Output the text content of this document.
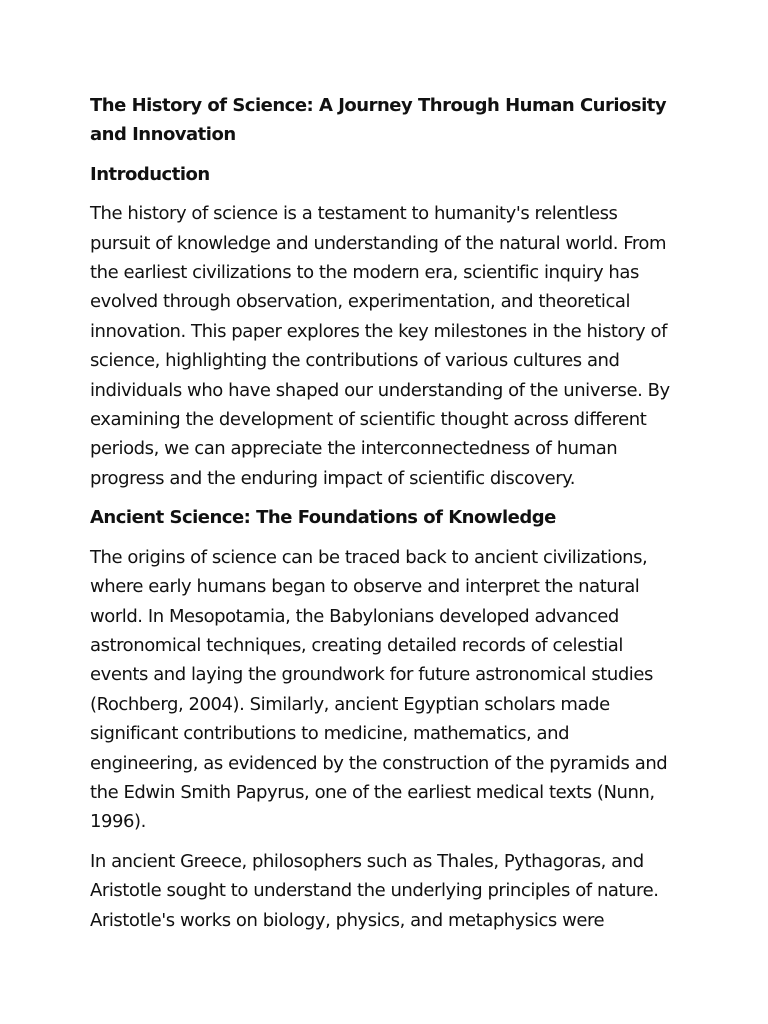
The History of Science: A Journey Through Human Curiosity and Innovation
Introduction
The history of science is a testament to humanity's relentless pursuit of knowledge and understanding of the natural world. From the earliest civilizations to the modern era, scientific inquiry has evolved through observation, experimentation, and theoretical innovation. This paper explores the key milestones in the history of science, highlighting the contributions of various cultures and individuals who have shaped our understanding of the universe. By examining the development of scientific thought across different periods, we can appreciate the interconnectedness of human progress and the enduring impact of scientific discovery.
Ancient Science: The Foundations of Knowledge
The origins of science can be traced back to ancient civilizations, where early humans began to observe and interpret the natural world. In Mesopotamia, the Babylonians developed advanced astronomical techniques, creating detailed records of celestial events and laying the groundwork for future astronomical studies (Rochberg, 2004). Similarly, ancient Egyptian scholars made significant contributions to medicine, mathematics, and engineering, as evidenced by the construction of the pyramids and the Edwin Smith Papyrus, one of the earliest medical texts (Nunn, 1996).
In ancient Greece, philosophers such as Thales, Pythagoras, and Aristotle sought to understand the underlying principles of nature. Aristotle's works on biology, physics, and metaphysics were
